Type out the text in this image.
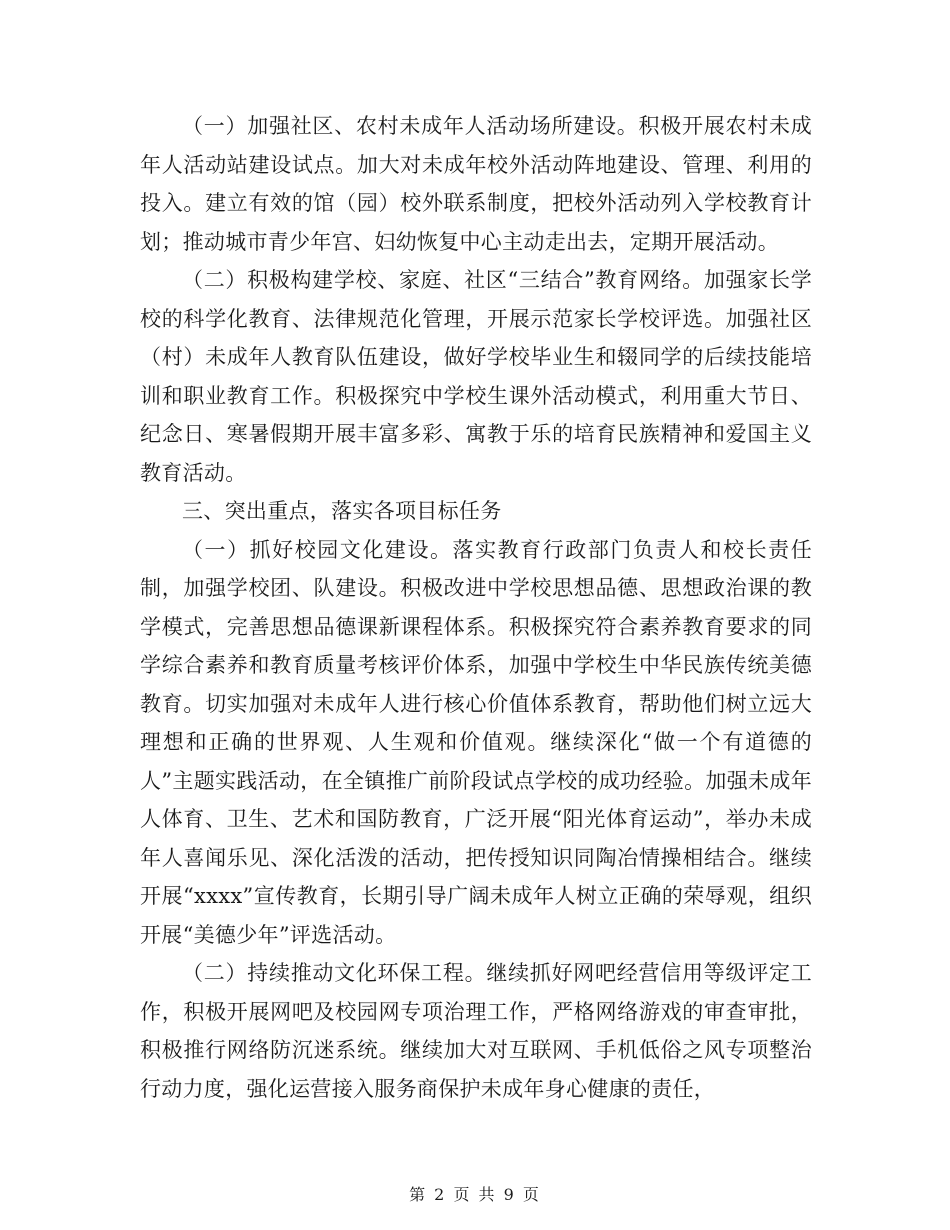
（一）加强社区、农村未成年人活动场所建设。积极开展农村未成年人活动站建设试点。加大对未成年校外活动阵地建设、管理、利用的投入。建立有效的馆（园）校外联系制度，把校外活动列入学校教育计划；推动城市青少年宫、妇幼恢复中心主动走出去，定期开展活动。

（二）积极构建学校、家庭、社区“三结合”教育网络。加强家长学校的科学化教育、法律规范化管理，开展示范家长学校评选。加强社区（村）未成年人教育队伍建设，做好学校毕业生和辍同学的后续技能培训和职业教育工作。积极探究中学校生课外活动模式，利用重大节日、纪念日、寒暑假期开展丰富多彩、寓教于乐的培育民族精神和爱国主义教育活动。

三、突出重点，落实各项目标任务

（一）抓好校园文化建设。落实教育行政部门负责人和校长责任制，加强学校团、队建设。积极改进中学校思想品德、思想政治课的教学模式，完善思想品德课新课程体系。积极探究符合素养教育要求的同学综合素养和教育质量考核评价体系，加强中学校生中华民族传统美德教育。切实加强对未成年人进行核心价值体系教育，帮助他们树立远大理想和正确的世界观、人生观和价值观。继续深化“做一个有道德的人”主题实践活动，在全镇推广前阶段试点学校的成功经验。加强未成年人体育、卫生、艺术和国防教育，广泛开展“阳光体育运动”，举办未成年人喜闻乐见、深化活泼的活动，把传授知识同陶冶情操相结合。继续开展“xxxx”宣传教育，长期引导广阔未成年人树立正确的荣辱观，组织开展“美德少年”评选活动。

（二）持续推动文化环保工程。继续抓好网吧经营信用等级评定工作，积极开展网吧及校园网专项治理工作，严格网络游戏的审查审批，积极推行网络防沉迷系统。继续加大对互联网、手机低俗之风专项整治行动力度，强化运营接入服务商保护未成年身心健康的责任，

第 2 页 共 9 页
